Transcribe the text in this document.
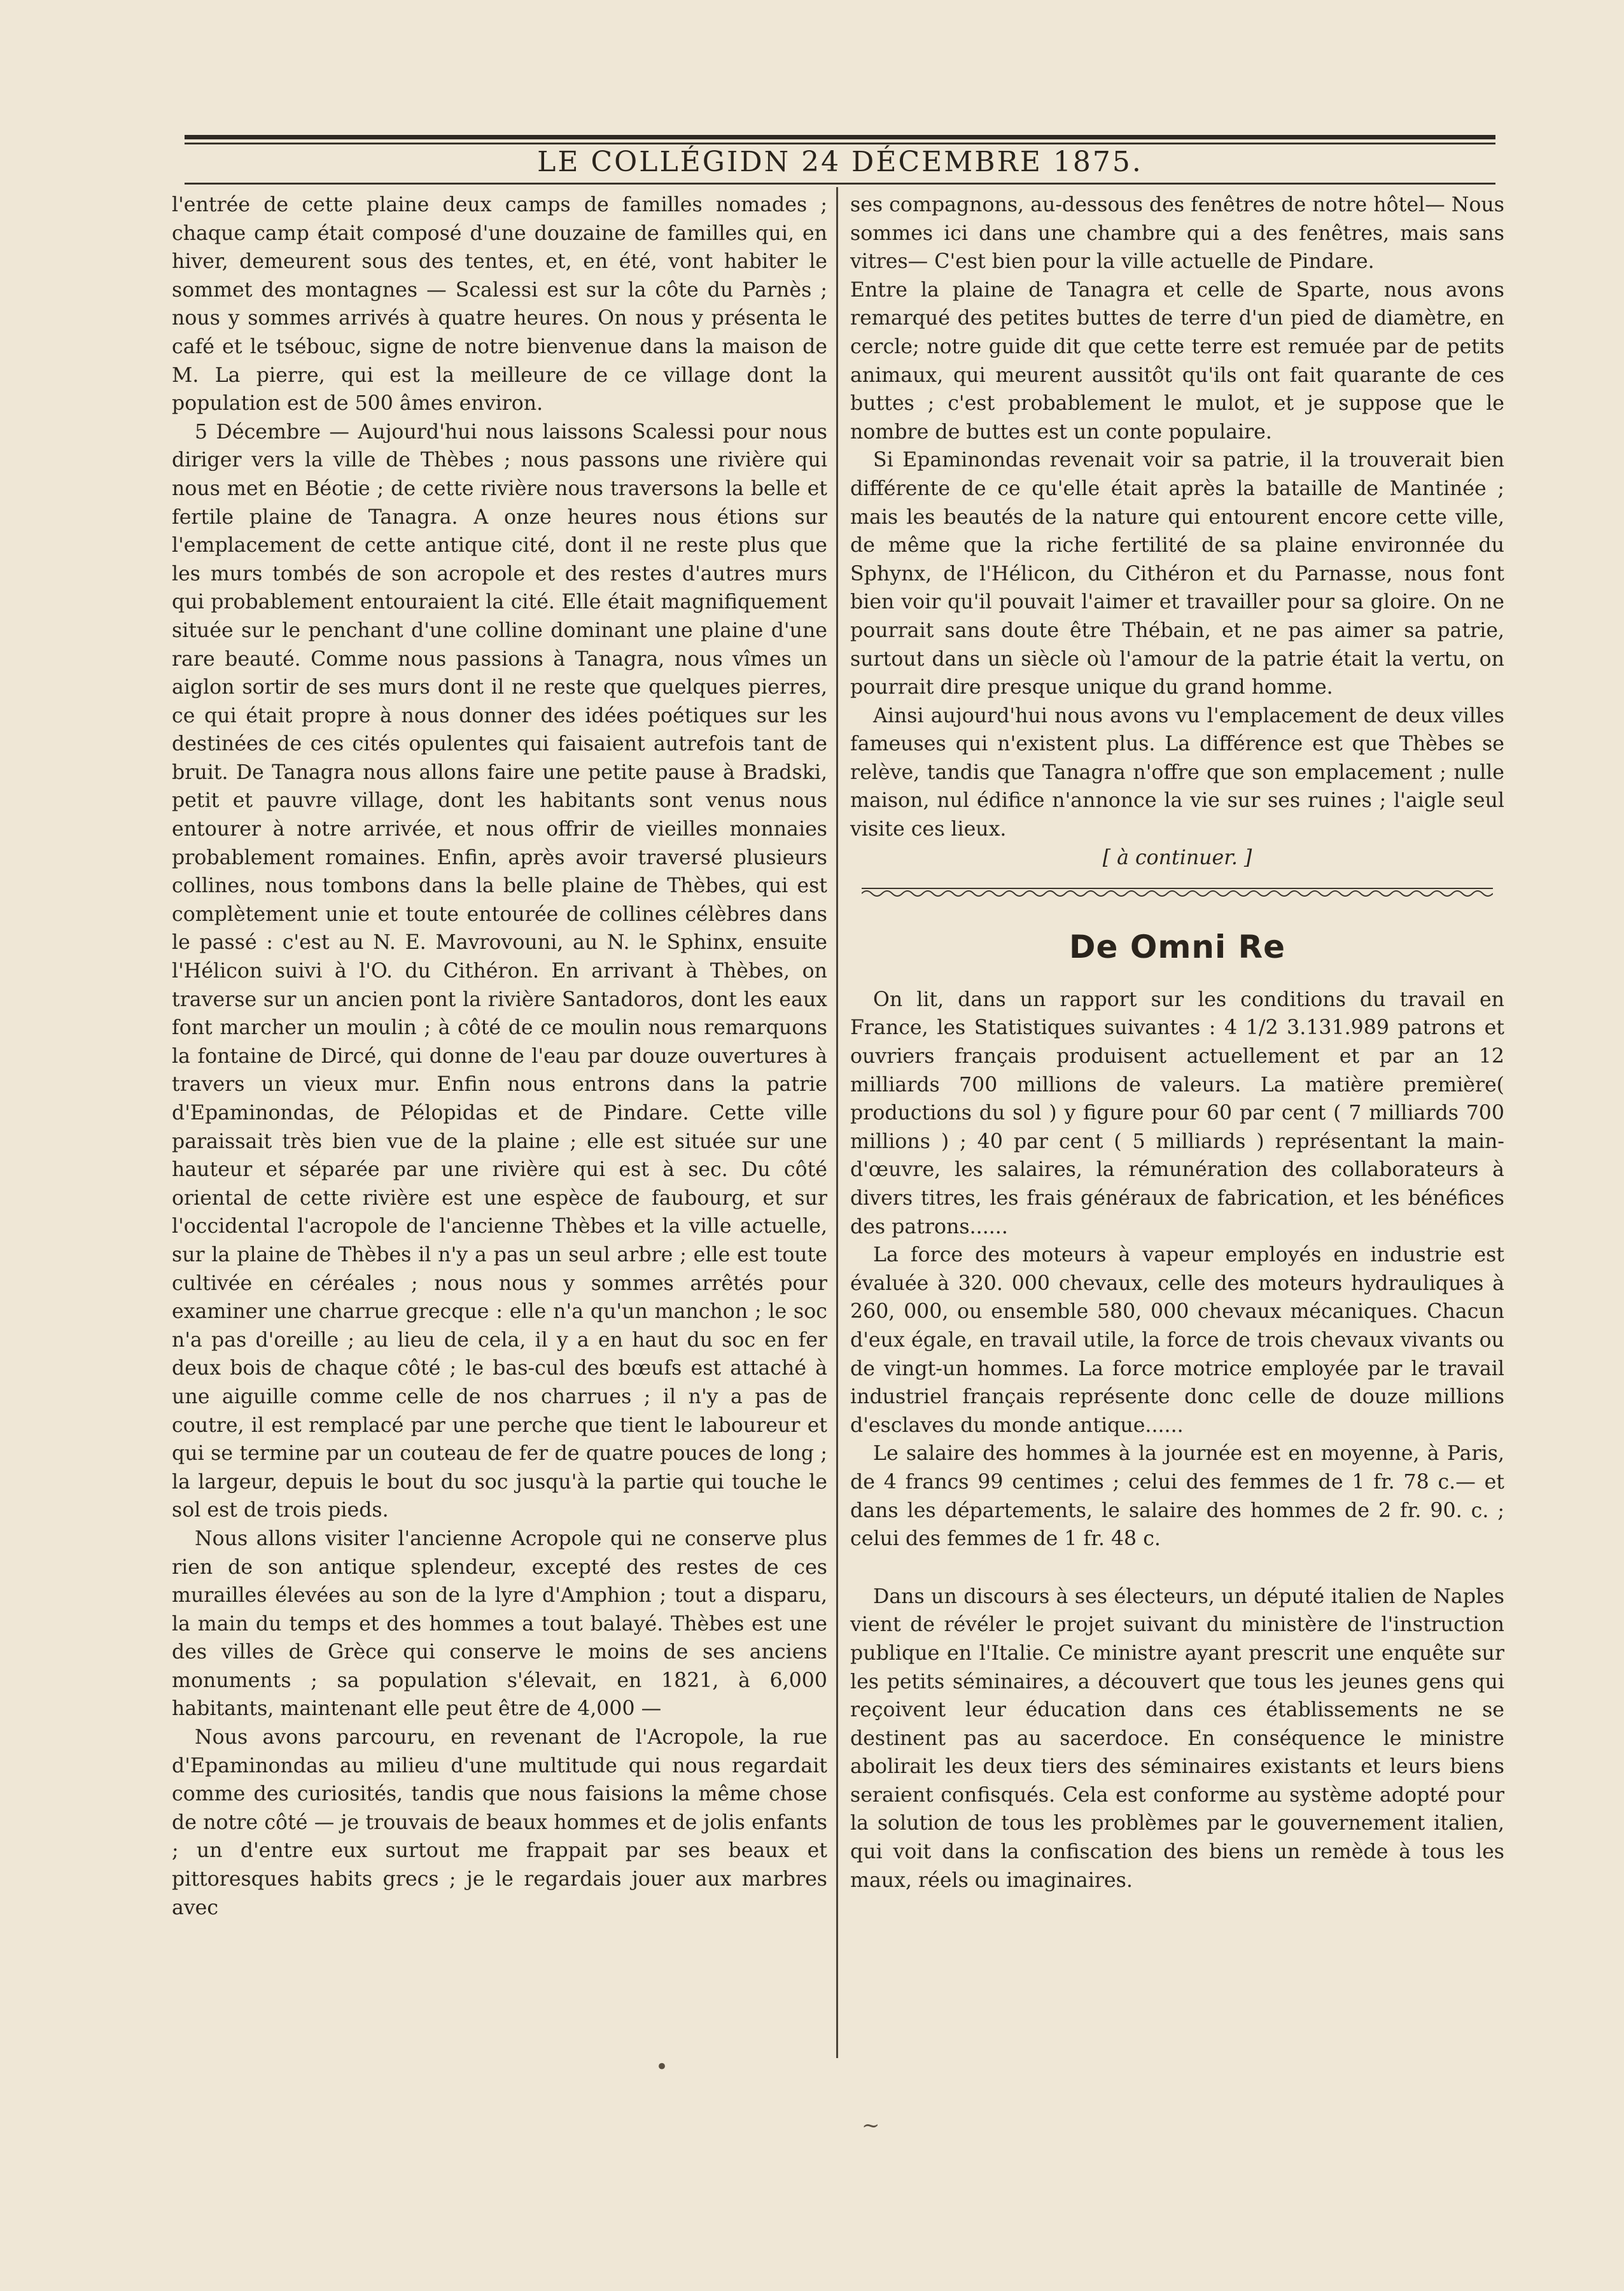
LE COLLÉGIDN 24 DÉCEMBRE 1875.

l'entrée de cette plaine deux camps de familles nomades ; chaque camp était composé d'une douzaine de familles qui, en hiver, demeurent sous des tentes, et, en été, vont habiter le sommet des montagnes — Scalessi est sur la côte du Parnès ; nous y sommes arrivés à quatre heures. On nous y présenta le café et le tsébouc, signe de notre bienvenue dans la maison de M. La pierre, qui est la meilleure de ce village dont la population est de 500 âmes environ.

5 Décembre — Aujourd'hui nous laissons Scalessi pour nous diriger vers la ville de Thèbes ; nous passons une rivière qui nous met en Béotie ; de cette rivière nous traversons la belle et fertile plaine de Tanagra. A onze heures nous étions sur l'emplacement de cette antique cité, dont il ne reste plus que les murs tombés de son acropole et des restes d'autres murs qui probablement entouraient la cité. Elle était magnifiquement située sur le penchant d'une colline dominant une plaine d'une rare beauté. Comme nous passions à Tanagra, nous vîmes un aiglon sortir de ses murs dont il ne reste que quelques pierres, ce qui était propre à nous donner des idées poétiques sur les destinées de ces cités opulentes qui faisaient autrefois tant de bruit. De Tanagra nous allons faire une petite pause à Bradski, petit et pauvre village, dont les habitants sont venus nous entourer à notre arrivée, et nous offrir de vieilles monnaies probablement romaines. Enfin, après avoir traversé plusieurs collines, nous tombons dans la belle plaine de Thèbes, qui est complètement unie et toute entourée de collines célèbres dans le passé : c'est au N. E. Mavrovouni, au N. le Sphinx, ensuite l'Hélicon suivi à l'O. du Cithéron. En arrivant à Thèbes, on traverse sur un ancien pont la rivière Santadoros, dont les eaux font marcher un moulin ; à côté de ce moulin nous remarquons la fontaine de Dircé, qui donne de l'eau par douze ouvertures à travers un vieux mur. Enfin nous entrons dans la patrie d'Epaminondas, de Pélopidas et de Pindare. Cette ville paraissait très bien vue de la plaine ; elle est située sur une hauteur et séparée par une rivière qui est à sec. Du côté oriental de cette rivière est une espèce de faubourg, et sur l'occidental l'acropole de l'ancienne Thèbes et la ville actuelle, sur la plaine de Thèbes il n'y a pas un seul arbre ; elle est toute cultivée en céréales ; nous nous y sommes arrêtés pour examiner une charrue grecque : elle n'a qu'un manchon ; le soc n'a pas d'oreille ; au lieu de cela, il y a en haut du soc en fer deux bois de chaque côté ; le bas-cul des bœufs est attaché à une aiguille comme celle de nos charrues ; il n'y a pas de coutre, il est remplacé par une perche que tient le laboureur et qui se termine par un couteau de fer de quatre pouces de long ; la largeur, depuis le bout du soc jusqu'à la partie qui touche le sol est de trois pieds.

Nous allons visiter l'ancienne Acropole qui ne conserve plus rien de son antique splendeur, excepté des restes de ces murailles élevées au son de la lyre d'Amphion ; tout a disparu, la main du temps et des hommes a tout balayé. Thèbes est une des villes de Grèce qui conserve le moins de ses anciens monuments ; sa population s'élevait, en 1821, à 6,000 habitants, maintenant elle peut être de 4,000 —

Nous avons parcouru, en revenant de l'Acropole, la rue d'Epaminondas au milieu d'une multitude qui nous regardait comme des curiosités, tandis que nous faisions la même chose de notre côté — je trouvais de beaux hommes et de jolis enfants ; un d'entre eux surtout me frappait par ses beaux et pittoresques habits grecs ; je le regardais jouer aux marbres avec

ses compagnons, au-dessous des fenêtres de notre hôtel— Nous sommes ici dans une chambre qui a des fenêtres, mais sans vitres— C'est bien pour la ville actuelle de Pindare.

Entre la plaine de Tanagra et celle de Sparte, nous avons remarqué des petites buttes de terre d'un pied de diamètre, en cercle; notre guide dit que cette terre est remuée par de petits animaux, qui meurent aussitôt qu'ils ont fait quarante de ces buttes ; c'est probablement le mulot, et je suppose que le nombre de buttes est un conte populaire.

Si Epaminondas revenait voir sa patrie, il la trouverait bien différente de ce qu'elle était après la bataille de Mantinée ; mais les beautés de la nature qui entourent encore cette ville, de même que la riche fertilité de sa plaine environnée du Sphynx, de l'Hélicon, du Cithéron et du Parnasse, nous font bien voir qu'il pouvait l'aimer et travailler pour sa gloire. On ne pourrait sans doute être Thébain, et ne pas aimer sa patrie, surtout dans un siècle où l'amour de la patrie était la vertu, on pourrait dire presque unique du grand homme.

Ainsi aujourd'hui nous avons vu l'emplacement de deux villes fameuses qui n'existent plus. La différence est que Thèbes se relève, tandis que Tanagra n'offre que son emplacement ; nulle maison, nul édifice n'annonce la vie sur ses ruines ; l'aigle seul visite ces lieux.

[ à continuer. ]

De Omni Re

On lit, dans un rapport sur les conditions du travail en France, les Statistiques suivantes : 4 1/2 3.131.989 patrons et ouvriers français produisent actuellement et par an 12 milliards 700 millions de valeurs. La matière première( productions du sol ) y figure pour 60 par cent ( 7 milliards 700 millions ) ; 40 par cent ( 5 milliards ) représentant la main-d'œuvre, les salaires, la rémunération des collaborateurs à divers titres, les frais généraux de fabrication, et les bénéfices des patrons......

La force des moteurs à vapeur employés en industrie est évaluée à 320. 000 chevaux, celle des moteurs hydrauliques à 260, 000, ou ensemble 580, 000 chevaux mécaniques. Chacun d'eux égale, en travail utile, la force de trois chevaux vivants ou de vingt-un hommes. La force motrice employée par le travail industriel français représente donc celle de douze millions d'esclaves du monde antique......

Le salaire des hommes à la journée est en moyenne, à Paris, de 4 francs 99 centimes ; celui des femmes de 1 fr. 78 c.— et dans les départements, le salaire des hommes de 2 fr. 90. c. ; celui des femmes de 1 fr. 48 c.

Dans un discours à ses électeurs, un député italien de Naples vient de révéler le projet suivant du ministère de l'instruction publique en l'Italie. Ce ministre ayant prescrit une enquête sur les petits séminaires, a découvert que tous les jeunes gens qui reçoivent leur éducation dans ces établissements ne se destinent pas au sacerdoce. En conséquence le ministre abolirait les deux tiers des séminaires existants et leurs biens seraient confisqués. Cela est conforme au système adopté pour la solution de tous les problèmes par le gouvernement italien, qui voit dans la confiscation des biens un remède à tous les maux, réels ou imaginaires.

•
~
